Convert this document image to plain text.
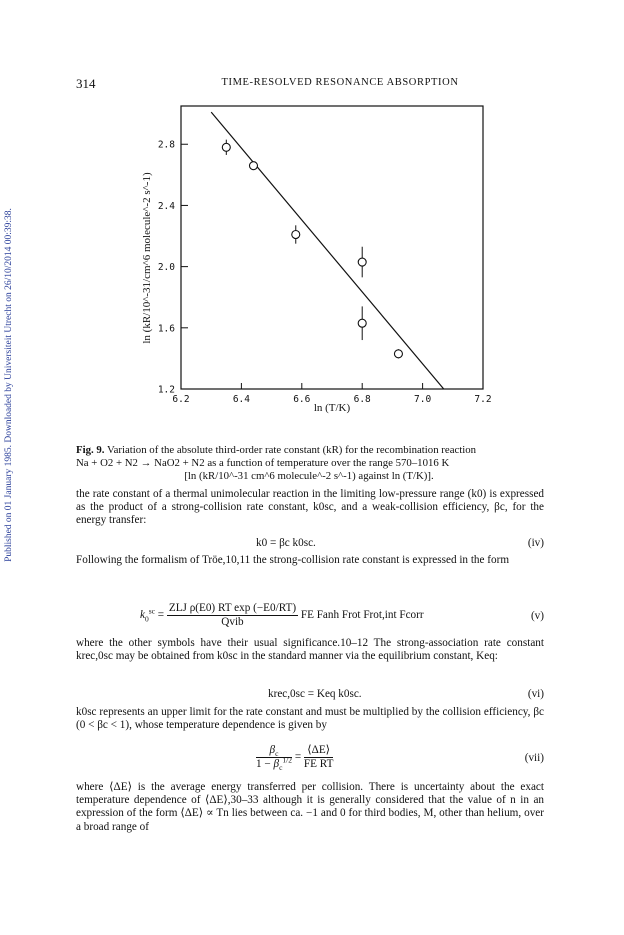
Published on 01 January 1985. Downloaded by Universiteit Utrecht on 26/10/2014 00:39:38.
314	TIME-RESOLVED RESONANCE ABSORPTION
6.2	6.4	6.6	6.8	7.0	7.2
1.2
1.6
2.0
2.4
2.8
ln (T/K)
ln (kR/10^-31/cm^6 molecule^-2 s^-1)
Fig. 9. Variation of the absolute third-order rate constant (kR) for the recombination reaction
Na + O2 + N2 → NaO2 + N2 as a function of temperature over the range 570–1016 K

[ln (kR/10^-31 cm^6 molecule^-2 s^-1) against ln (T/K)].
the rate constant of a thermal unimolecular reaction in the limiting low-pressure range (k0) is expressed as the product of a strong-collision rate constant, k0sc, and a weak-collision efficiency, βc, for the energy transfer:
k0 = βc k0sc.	(iv)
Following the formalism of Tröe,10,11 the strong-collision rate constant is expressed in the form
$k_0^{sc} = \frac{\text{ZLJ ρ(E0) RT exp (−E0/RT)}}{\text{Qvib}}$ FE Fanh Frot Frot,int Fcorr	(v)
where the other symbols have their usual significance.10–12 The strong-association rate constant krec,0sc may be obtained from k0sc in the standard manner via the equilibrium constant, Keq:
krec,0sc = Keq k0sc.	(vi)
k0sc represents an upper limit for the rate constant and must be multiplied by the collision efficiency, βc (0 < βc < 1), whose temperature dependence is given by
$\frac{\beta_c}{1 - \beta_c^{1/2}} = \frac{⟨\Delta E⟩}{\text{FE RT}}$	(vii)
where ⟨ΔE⟩ is the average energy transferred per collision. There is uncertainty about the exact temperature dependence of ⟨ΔE⟩,30–33 although it is generally considered that the value of n in an expression of the form ⟨ΔE⟩ ∝ Tn lies between ca. −1 and 0 for third bodies, M, other than helium, over a broad range of
